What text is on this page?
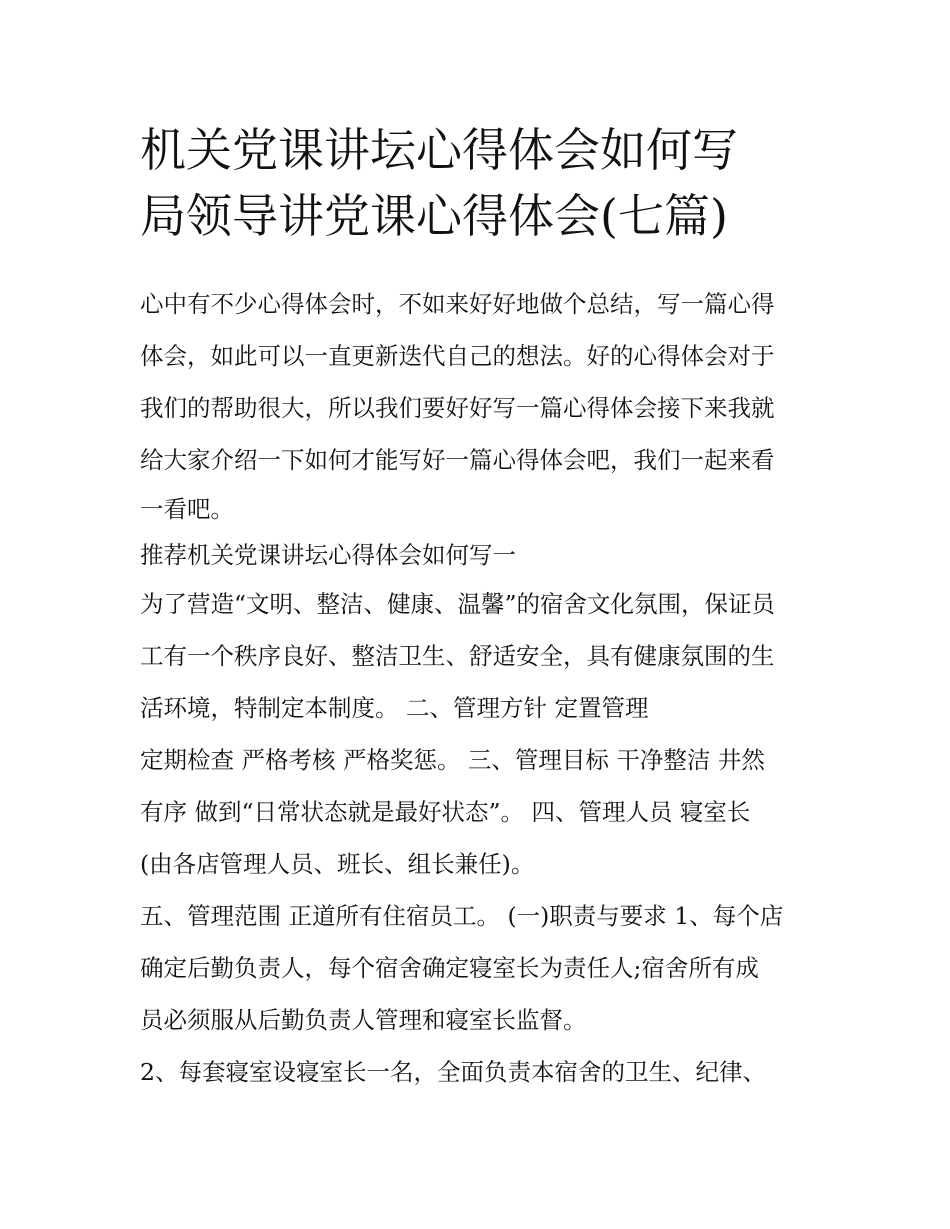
机关党课讲坛心得体会如何写
局领导讲党课心得体会(七篇)
心中有不少心得体会时，不如来好好地做个总结，写一篇心得
体会，如此可以一直更新迭代自己的想法。好的心得体会对于
我们的帮助很大，所以我们要好好写一篇心得体会接下来我就
给大家介绍一下如何才能写好一篇心得体会吧，我们一起来看
一看吧。
推荐机关党课讲坛心得体会如何写一
为了营造“文明、整洁、健康、温馨”的宿舍文化氛围，保证员
工有一个秩序良好、整洁卫生、舒适安全，具有健康氛围的生
活环境，特制定本制度。 二、管理方针 定置管理
定期检查 严格考核 严格奖惩。 三、管理目标 干净整洁 井然
有序 做到“日常状态就是最好状态”。 四、管理人员 寝室长
(由各店管理人员、班长、组长兼任)。
五、管理范围 正道所有住宿员工。 (一)职责与要求 1、每个店
确定后勤负责人，每个宿舍确定寝室长为责任人;宿舍所有成
员必须服从后勤负责人管理和寝室长监督。
2、每套寝室设寝室长一名，全面负责本宿舍的卫生、纪律、
